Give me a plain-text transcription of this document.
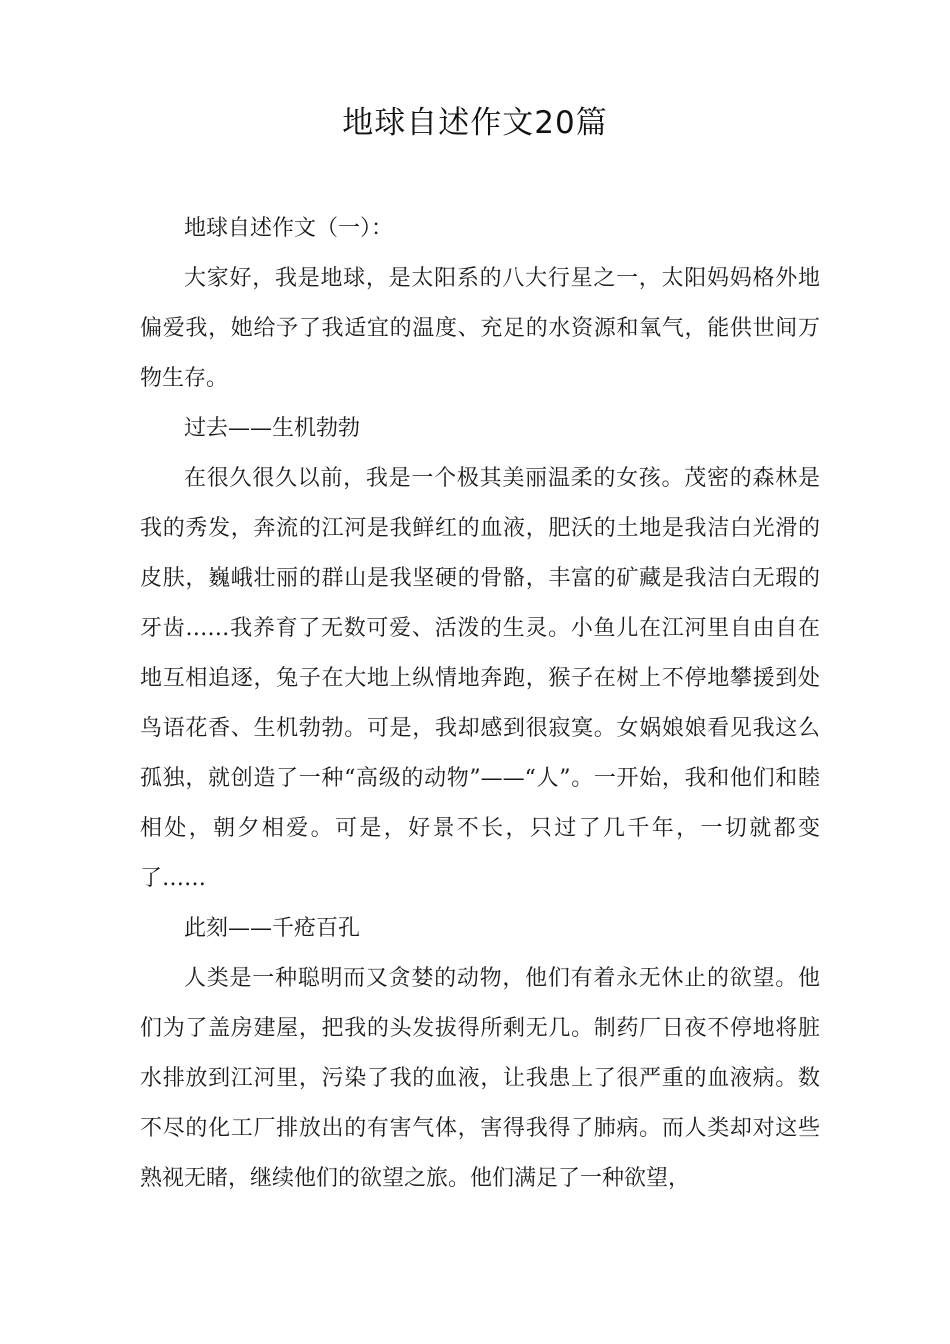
地球自述作文20篇

地球自述作文（一）：

大家好，我是地球，是太阳系的八大行星之一，太阳妈妈格外地偏爱我，她给予了我适宜的温度、充足的水资源和氧气，能供世间万物生存。

过去——生机勃勃

在很久很久以前，我是一个极其美丽温柔的女孩。茂密的森林是我的秀发，奔流的江河是我鲜红的血液，肥沃的土地是我洁白光滑的皮肤，巍峨壮丽的群山是我坚硬的骨骼，丰富的矿藏是我洁白无瑕的牙齿……我养育了无数可爱、活泼的生灵。小鱼儿在江河里自由自在地互相追逐，兔子在大地上纵情地奔跑，猴子在树上不停地攀援到处鸟语花香、生机勃勃。可是，我却感到很寂寞。女娲娘娘看见我这么孤独，就创造了一种“高级的动物”——“人”。一开始，我和他们和睦相处，朝夕相爱。可是，好景不长，只过了几千年，一切就都变了……

此刻——千疮百孔

人类是一种聪明而又贪婪的动物，他们有着永无休止的欲望。他们为了盖房建屋，把我的头发拔得所剩无几。制药厂日夜不停地将脏水排放到江河里，污染了我的血液，让我患上了很严重的血液病。数不尽的化工厂排放出的有害气体，害得我得了肺病。而人类却对这些熟视无睹，继续他们的欲望之旅。他们满足了一种欲望，
